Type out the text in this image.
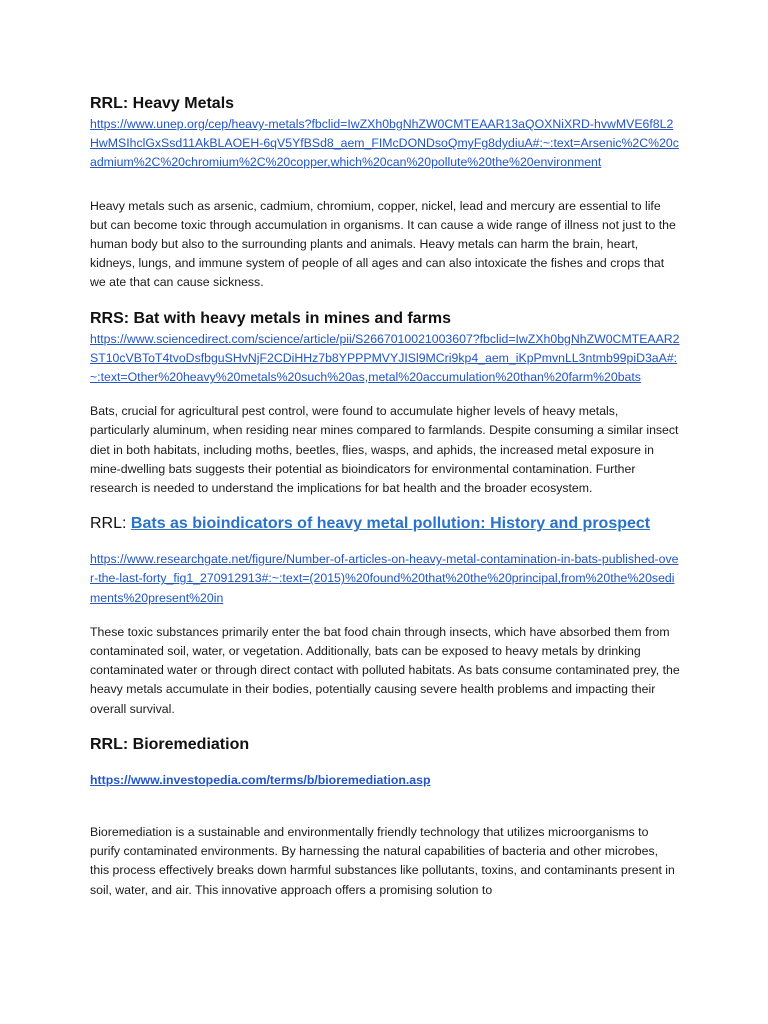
RRL: Heavy Metals
https://www.unep.org/cep/heavy-metals?fbclid=IwZXh0bgNhZW0CMTEAAR13aQOXNiXRD-hvwMVE6f8L2HwMSIhclGxSsd11AkBLAOEH-6qV5YfBSd8_aem_FIMcDONDsoQmyFg8dydiuA#:~:text=Arsenic%2C%20cadmium%2C%20chromium%2C%20copper,which%20can%20pollute%20the%20environment

Heavy metals such as arsenic, cadmium, chromium, copper, nickel, lead and mercury are essential to life but can become toxic through accumulation in organisms. It can cause a wide range of illness not just to the human body but also to the surrounding plants and animals. Heavy metals can harm the brain, heart, kidneys, lungs, and immune system of people of all ages and can also intoxicate the fishes and crops that we ate that can cause sickness.

RRS: Bat with heavy metals in mines and farms
https://www.sciencedirect.com/science/article/pii/S2667010021003607?fbclid=IwZXh0bgNhZW0CMTEAAR2ST10cVBToT4tvoDsfbguSHvNjF2CDiHHz7b8YPPPMVYJISl9MCri9kp4_aem_iKpPmvnLL3ntmb99piD3aA#:~:text=Other%20heavy%20metals%20such%20as,metal%20accumulation%20than%20farm%20bats

Bats, crucial for agricultural pest control, were found to accumulate higher levels of heavy metals, particularly aluminum, when residing near mines compared to farmlands. Despite consuming a similar insect diet in both habitats, including moths, beetles, flies, wasps, and aphids, the increased metal exposure in mine-dwelling bats suggests their potential as bioindicators for environmental contamination. Further research is needed to understand the implications for bat health and the broader ecosystem.

RRL: Bats as bioindicators of heavy metal pollution: History and prospect
https://www.researchgate.net/figure/Number-of-articles-on-heavy-metal-contamination-in-bats-published-over-the-last-forty_fig1_270912913#:~:text=(2015)%20found%20that%20the%20principal,from%20the%20sediments%20present%20in

These toxic substances primarily enter the bat food chain through insects, which have absorbed them from contaminated soil, water, or vegetation. Additionally, bats can be exposed to heavy metals by drinking contaminated water or through direct contact with polluted habitats. As bats consume contaminated prey, the heavy metals accumulate in their bodies, potentially causing severe health problems and impacting their overall survival.

RRL: Bioremediation
https://www.investopedia.com/terms/b/bioremediation.asp

Bioremediation is a sustainable and environmentally friendly technology that utilizes microorganisms to purify contaminated environments. By harnessing the natural capabilities of bacteria and other microbes, this process effectively breaks down harmful substances like pollutants, toxins, and contaminants present in soil, water, and air. This innovative approach offers a promising solution to
